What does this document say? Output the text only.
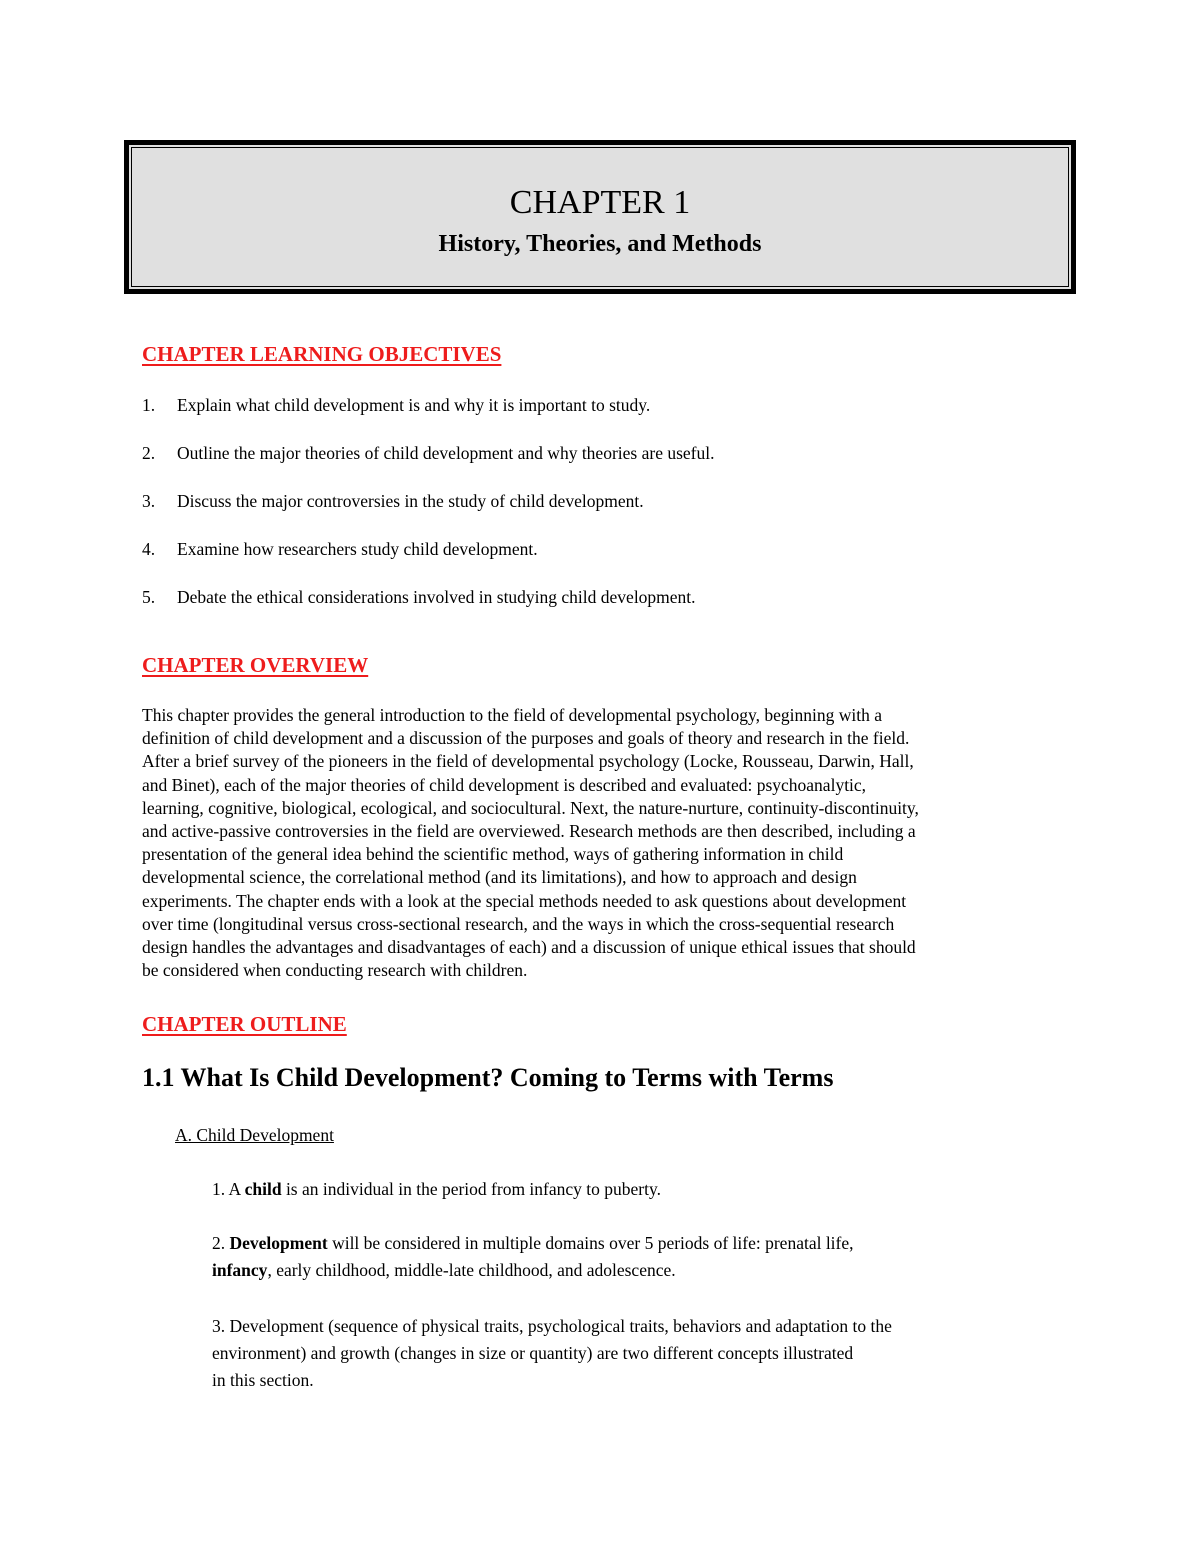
CHAPTER 1
History, Theories, and Methods
CHAPTER LEARNING OBJECTIVES
1.	Explain what child development is and why it is important to study.
2.	Outline the major theories of child development and why theories are useful.
3.	Discuss the major controversies in the study of child development.
4.	Examine how researchers study child development.
5.	Debate the ethical considerations involved in studying child development.
CHAPTER OVERVIEW

This chapter provides the general introduction to the field of developmental psychology, beginning with a
definition of child development and a discussion of the purposes and goals of theory and research in the field.
After a brief survey of the pioneers in the field of developmental psychology (Locke, Rousseau, Darwin, Hall,
and Binet), each of the major theories of child development is described and evaluated: psychoanalytic,
learning, cognitive, biological, ecological, and sociocultural. Next, the nature-nurture, continuity-discontinuity,
and active-passive controversies in the field are overviewed. Research methods are then described, including a
presentation of the general idea behind the scientific method, ways of gathering information in child
developmental science, the correlational method (and its limitations), and how to approach and design
experiments. The chapter ends with a look at the special methods needed to ask questions about development
over time (longitudinal versus cross-sectional research, and the ways in which the cross-sequential research
design handles the advantages and disadvantages of each) and a discussion of unique ethical issues that should
be considered when conducting research with children.

CHAPTER OUTLINE
1.1 What Is Child Development? Coming to Terms with Terms

A. Child Development

1. A child is an individual in the period from infancy to puberty.

2. Development will be considered in multiple domains over 5 periods of life: prenatal life,
infancy, early childhood, middle-late childhood, and adolescence.

3. Development (sequence of physical traits, psychological traits, behaviors and adaptation to the
environment) and growth (changes in size or quantity) are two different concepts illustrated
in this section.
